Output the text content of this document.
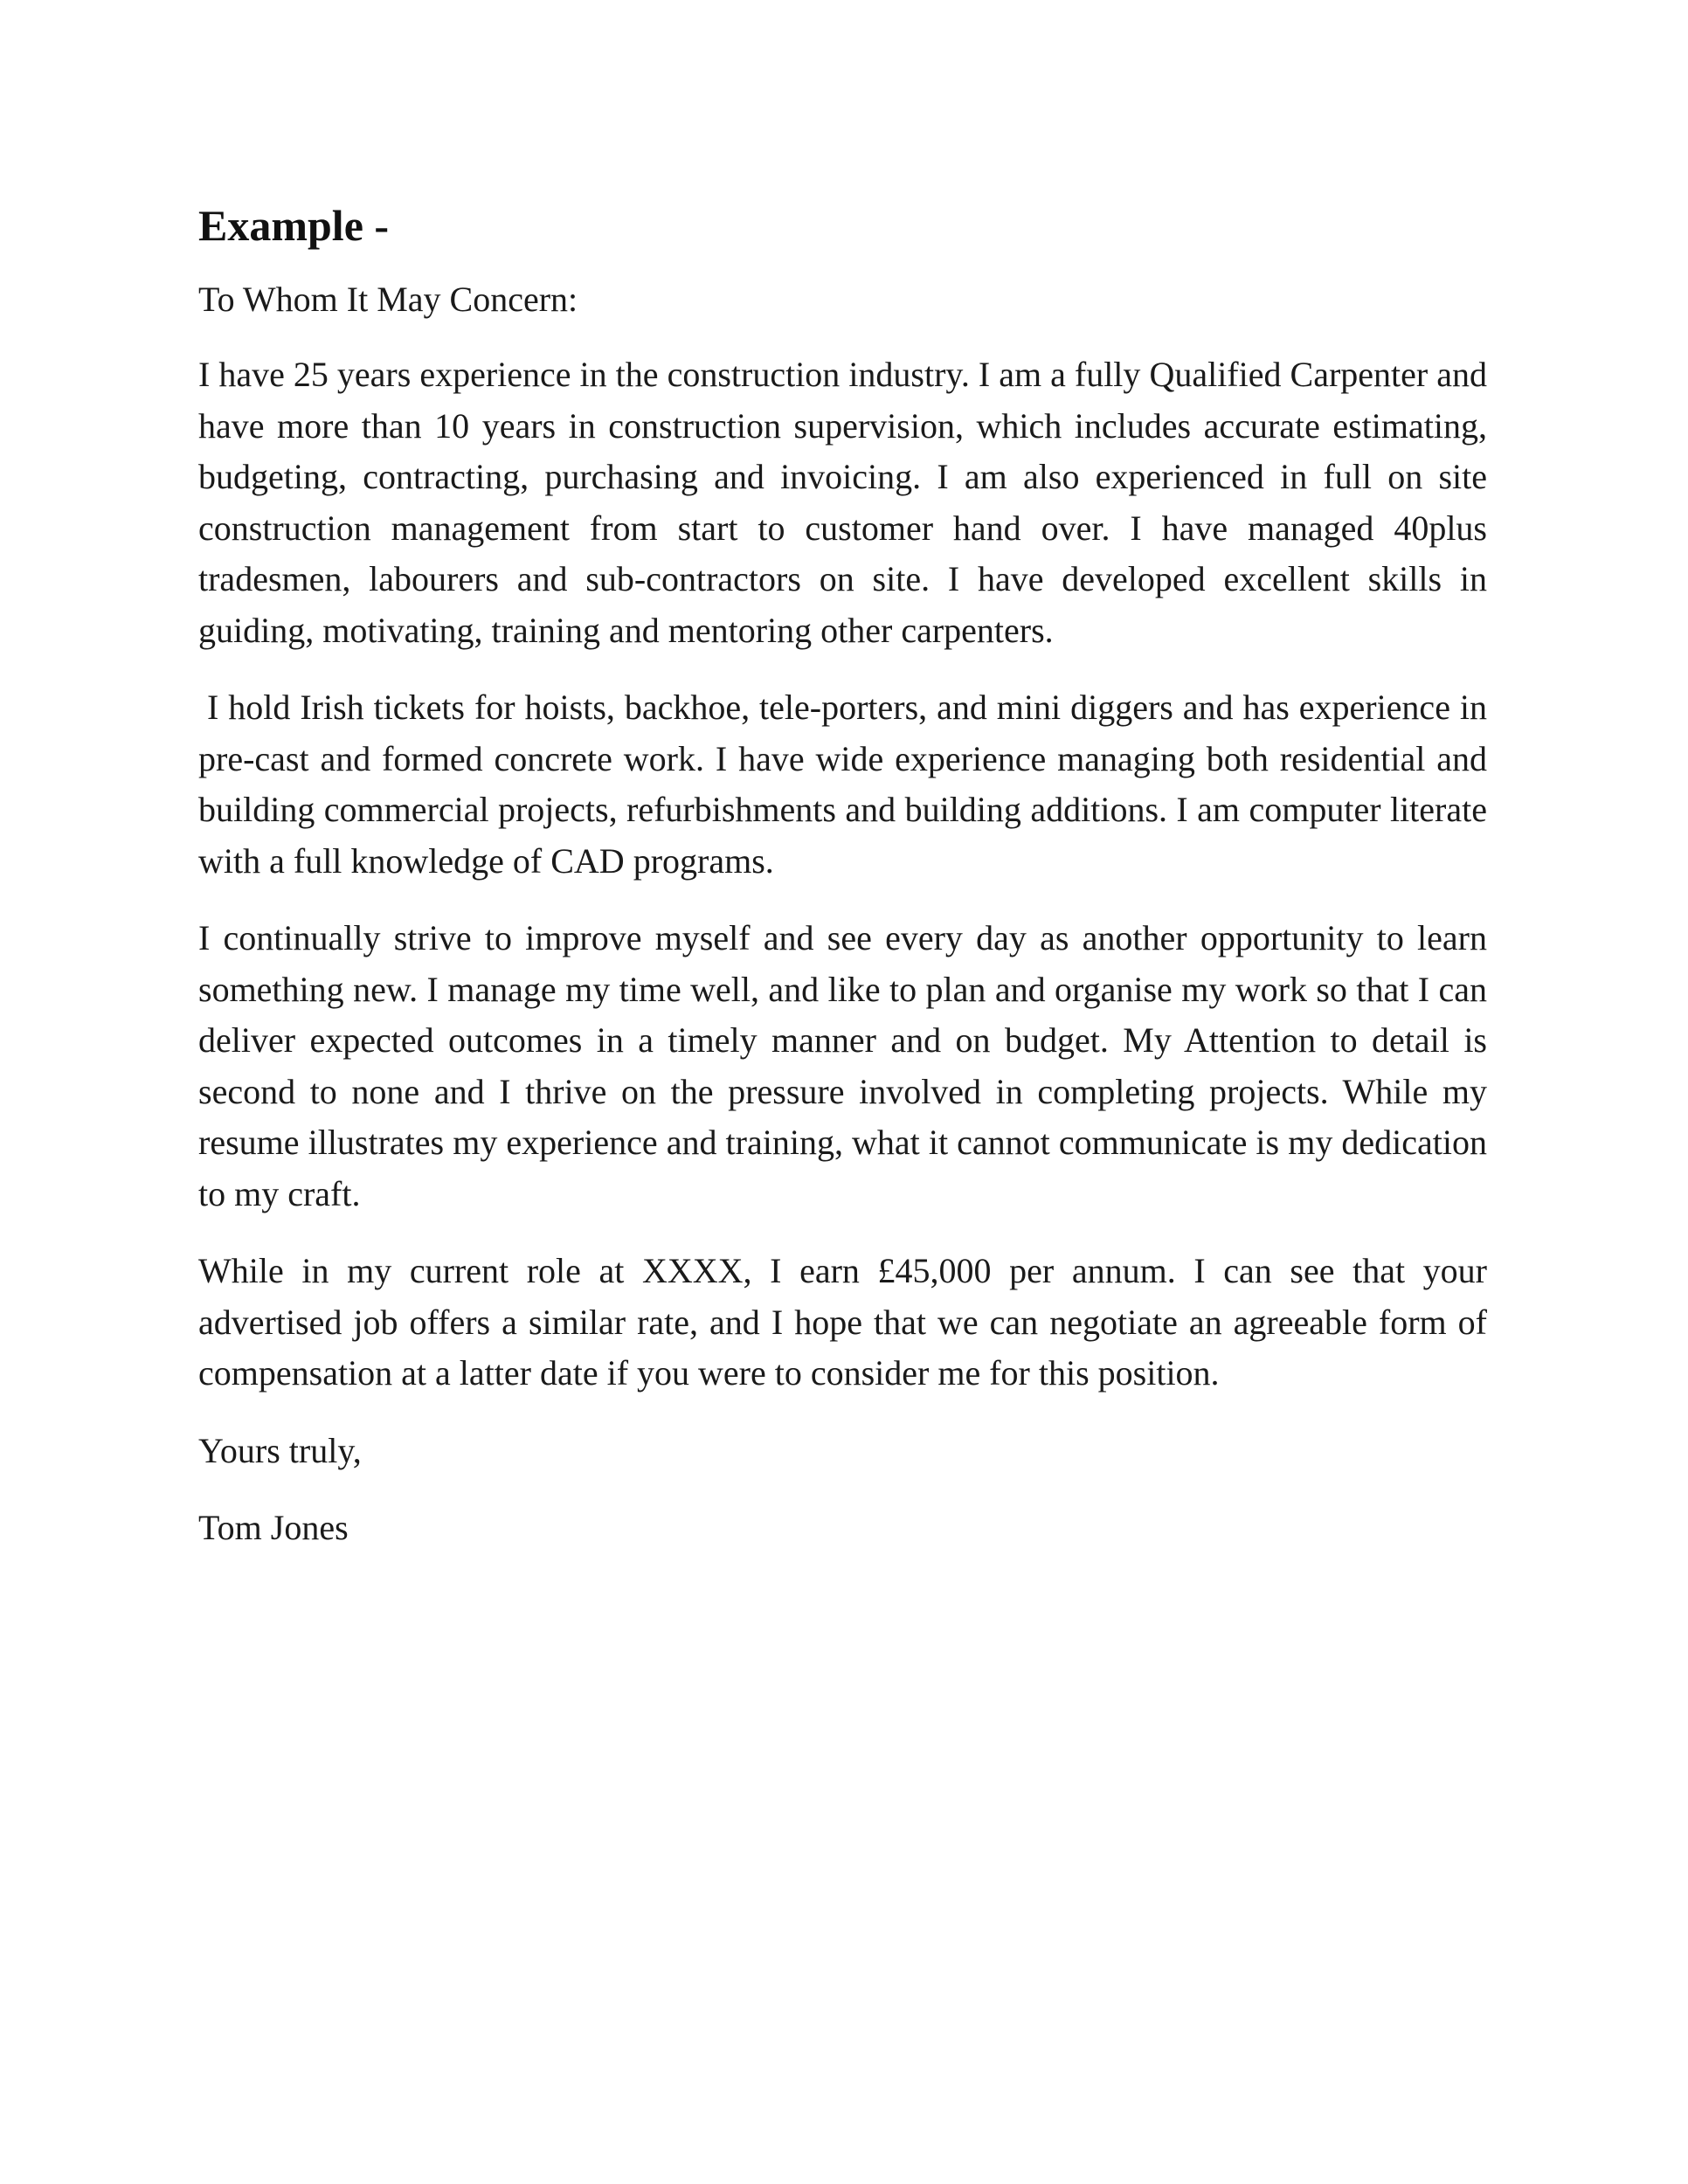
Example -

To Whom It May Concern:

I have 25 years experience in the construction industry. I am a fully Qualified Carpenter and have more than 10 years in construction supervision, which includes accurate estimating, budgeting, contracting, purchasing and invoicing. I am also experienced in full on site construction management from start to customer hand over. I have managed 40plus tradesmen, labourers and sub-contractors on site. I have developed excellent skills in guiding, motivating, training and mentoring other carpenters.

I hold Irish tickets for hoists, backhoe, tele-porters, and mini diggers and has experience in pre-cast and formed concrete work. I have wide experience managing both residential and building commercial projects, refurbishments and building additions. I am computer literate with a full knowledge of CAD programs.

I continually strive to improve myself and see every day as another opportunity to learn something new. I manage my time well, and like to plan and organise my work so that I can deliver expected outcomes in a timely manner and on budget. My Attention to detail is second to none and I thrive on the pressure involved in completing projects. While my resume illustrates my experience and training, what it cannot communicate is my dedication to my craft.

While in my current role at XXXX, I earn £45,000 per annum. I can see that your advertised job offers a similar rate, and I hope that we can negotiate an agreeable form of compensation at a latter date if you were to consider me for this position.

Yours truly,

Tom Jones
